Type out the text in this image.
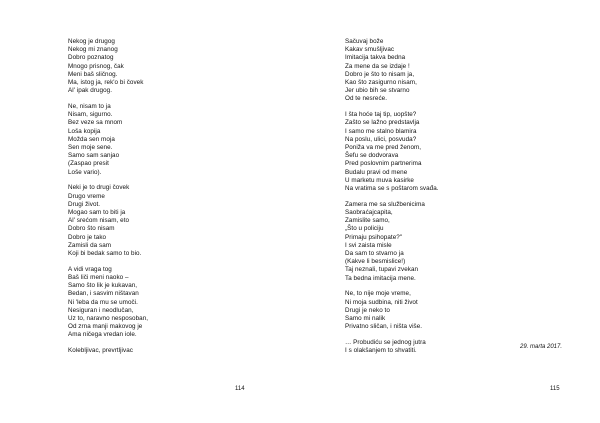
Nekog je drugog
Nekog mi znanog
Dobro poznatog
Mnogo prisnog, čak
Meni baš sličnog.
Ma, istog ja, rek'o bi čovek
Al' ipak drugog.
Ne, nisam to ja
Nisam, sigurno.
Bez veze sa mnom
Loša kopija
Možda sen moja
Sen moje sene.
Samo sam sanjao
(Zaspao presit
Loše vario).
Neki je to drugi čovek
Drugo vreme
Drugi život.
Mogao sam to biti ja
Al' srećom nisam, eto
Dobro što nisam
Dobro je tako
Zamisli da sam
Koji bi bedak samo to bio.
A vidi vraga tog
Baš liči meni naoko –
Samo što lik je kukavan,
Bedan, i sasvim ništavan
Ni 'leba da mu se umoči.
Nesiguran i neodlučan,
Uz to, naravno nesposoban,
Od zrna manji makovog je
Ama ničega vredan iole.
Kolebljivac, prevrtljivac
114
Sačuvaj bože
Kakav smušljivac
Imitacija takva bedna
Za mene da se izdaje !
Dobro je što to nisam ja,
Kao što zasigurno nisam,
Jer ubio bih se stvarno
Od te nesreće.
I šta hoće taj tip, uopšte?
Zašto se lažno predstavlja
I samo me stalno blamira
Na poslu, ulici, posvuda?
Poniža va me pred ženom,
Šefu se dodvorava
Pred poslovnim partnerima
Budalu pravi od mene
U marketu muva kasirke
Na vratima se s poštarom svađa.
Zamera me sa službenicima
Saobraćajcapita,
Zamislite samo,
„Što u policiju
Primaju psihopate?"
I svi zaista misle
Da sam to stvarno ja
(Kakve li besmislice!)
Taj neznali, tupavi zvekan
Ta bedna imitacija mene.
Ne, to nije moje vreme,
Ni moja sudbina, niti život
Drugi je neko to
Samo mi nalik
Privatno sličan, i ništa više.
… Probudiću se jednog jutra
I s olakšanjem to shvatiti.
29. marta 2017.
115
